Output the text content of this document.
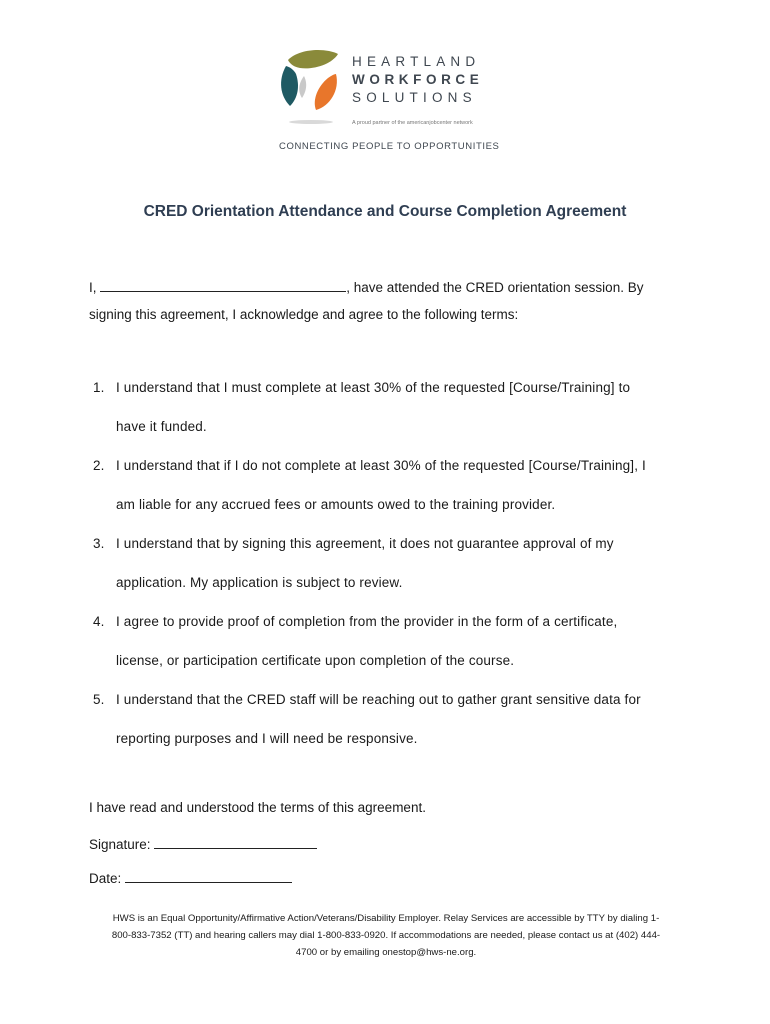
HEARTLAND
WORKFORCE
SOLUTIONS
A proud partner of the americanjobcenter network
CONNECTING PEOPLE TO OPPORTUNITIES
CRED Orientation Attendance and Course Completion Agreement
I,	, have attended the CRED orientation session. By
signing this agreement, I acknowledge and agree to the following terms:
1. I understand that I must complete at least 30% of the requested [Course/Training] to
have it funded.
2. I understand that if I do not complete at least 30% of the requested [Course/Training], I
am liable for any accrued fees or amounts owed to the training provider.
3. I understand that by signing this agreement, it does not guarantee approval of my
application. My application is subject to review.
4. I agree to provide proof of completion from the provider in the form of a certificate,
license, or participation certificate upon completion of the course.
5. I understand that the CRED staff will be reaching out to gather grant sensitive data for
reporting purposes and I will need be responsive.
I have read and understood the terms of this agreement.
Signature:
Date:
HWS is an Equal Opportunity/Affirmative Action/Veterans/Disability Employer. Relay Services are accessible by TTY by dialing 1-
800-833-7352 (TT) and hearing callers may dial 1-800-833-0920. If accommodations are needed, please contact us at (402) 444-
4700 or by emailing onestop@hws-ne.org.
